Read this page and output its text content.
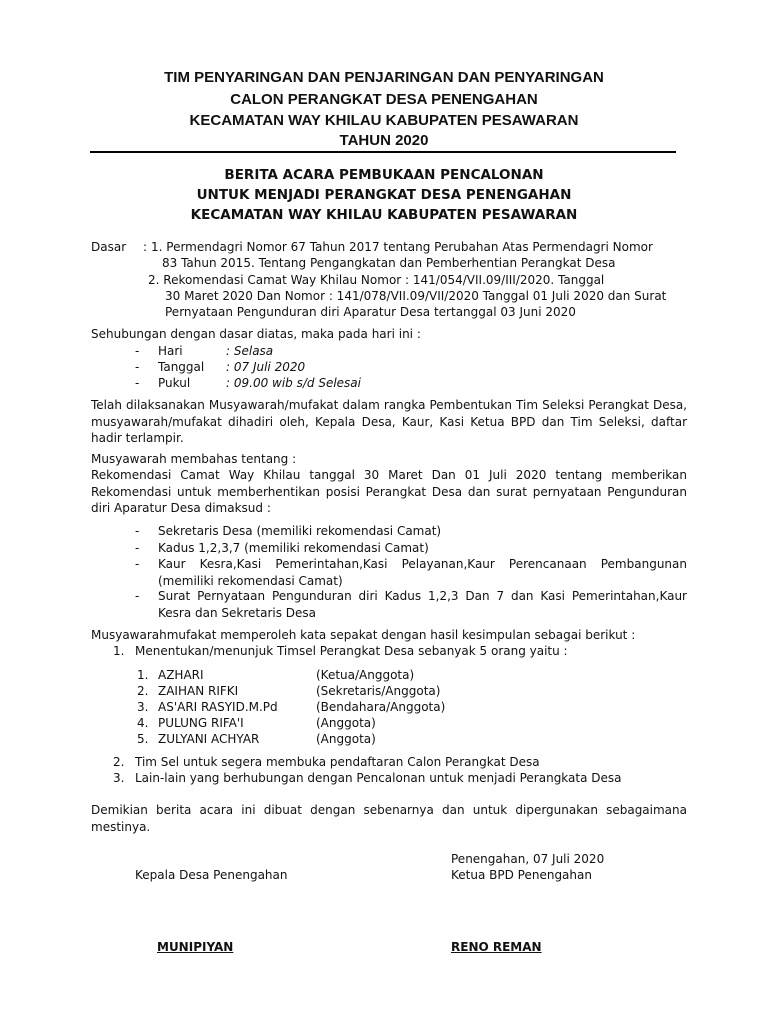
TIM PENYARINGAN DAN PENJARINGAN DAN PENYARINGAN
CALON PERANGKAT DESA PENENGAHAN
KECAMATAN WAY KHILAU KABUPATEN PESAWARAN
TAHUN 2020
BERITA ACARA PEMBUKAAN PENCALONAN
UNTUK MENJADI PERANGKAT DESA PENENGAHAN
KECAMATAN WAY KHILAU KABUPATEN PESAWARAN
Dasar : 1. Permendagri Nomor 67 Tahun 2017 tentang Perubahan Atas Permendagri Nomor
83 Tahun 2015. Tentang Pengangkatan dan Pemberhentian Perangkat Desa
2. Rekomendasi Camat Way Khilau Nomor : 141/054/VII.09/III/2020. Tanggal
30 Maret 2020 Dan Nomor : 141/078/VII.09/VII/2020 Tanggal 01 Juli 2020 dan Surat
Pernyataan Pengunduran diri Aparatur Desa tertanggal 03 Juni 2020
Sehubungan dengan dasar diatas, maka pada hari ini :
- Hari	: Selasa
- Tanggal : 07 Juli 2020
- Pukul	: 09.00 wib s/d Selesai
Telah dilaksanakan Musyawarah/mufakat dalam rangka Pembentukan Tim Seleksi Perangkat Desa, musyawarah/mufakat dihadiri oleh, Kepala Desa, Kaur, Kasi Ketua BPD dan Tim Seleksi, daftar hadir terlampir.
Musyawarah membahas tentang :
Rekomendasi Camat Way Khilau tanggal 30 Maret Dan 01 Juli 2020 tentang memberikan Rekomendasi untuk memberhentikan posisi Perangkat Desa dan surat pernyataan Pengunduran diri Aparatur Desa dimaksud :
- Sekretaris Desa (memiliki rekomendasi Camat)
- Kadus 1,2,3,7 (memiliki rekomendasi Camat)
- Kaur Kesra,Kasi Pemerintahan,Kasi Pelayanan,Kaur Perencanaan Pembangunan (memiliki rekomendasi Camat)
- Surat Pernyataan Pengunduran diri Kadus 1,2,3 Dan 7 dan Kasi Pemerintahan,Kaur Kesra dan Sekretaris Desa
Musyawarahmufakat memperoleh kata sepakat dengan hasil kesimpulan sebagai berikut :
1. Menentukan/menunjuk Timsel Perangkat Desa sebanyak 5 orang yaitu :
1. AZHARI	(Ketua/Anggota)
2. ZAIHAN RIFKI	(Sekretaris/Anggota)
3. AS'ARI RASYID.M.Pd	(Bendahara/Anggota)
4. PULUNG RIFA'I	(Anggota)
5. ZULYANI ACHYAR	(Anggota)
2. Tim Sel untuk segera membuka pendaftaran Calon Perangkat Desa
3. Lain-lain yang berhubungan dengan Pencalonan untuk menjadi Perangkata Desa
Demikian berita acara ini dibuat dengan sebenarnya dan untuk dipergunakan sebagaimana mestinya.
Penengahan, 07 Juli 2020
Kepala Desa Penengahan	Ketua BPD Penengahan
MUNIPIYAN	RENO REMAN
